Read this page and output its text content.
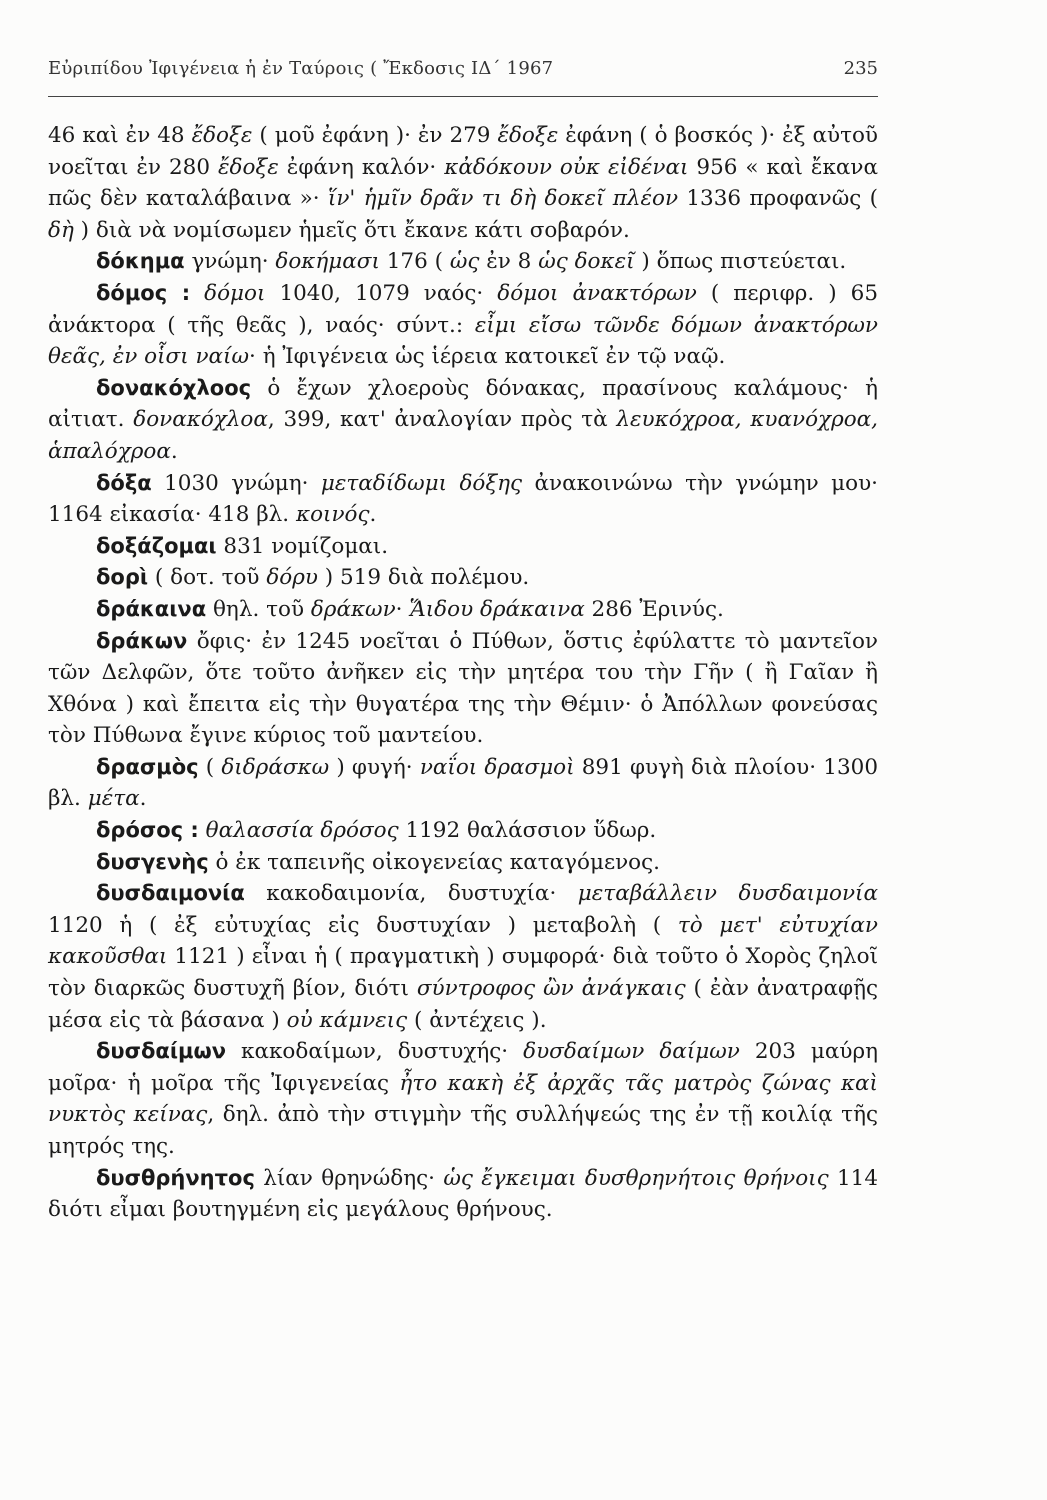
Εὐριπίδου Ἰφιγένεια ἡ ἐν Ταύροις ( Ἔκδοσις ΙΔ΄ 1967	235

46 καὶ ἐν 48 ἔδοξε ( μοῦ ἐφάνη )· ἐν 279 ἔδοξε ἐφάνη ( ὁ βοσκός )· ἐξ αὐτοῦ νοεῖται ἐν 280 ἔδοξε ἐφάνη καλόν· κἀδόκουν οὐκ εἰδέναι 956 « καὶ ἔκανα πῶς δὲν καταλάβαινα »· ἵν' ἡμῖν δρᾶν τι δὴ δοκεῖ πλέον 1336 προφανῶς ( δὴ ) διὰ νὰ νομίσωμεν ἡμεῖς ὅτι ἔκανε κάτι σοβαρόν.

δόκημα γνώμη· δοκήμασι 176 ( ὡς ἐν 8 ὡς δοκεῖ ) ὅπως πιστεύεται.

δόμος : δόμοι 1040, 1079 ναός· δόμοι ἀνακτόρων ( περιφρ. ) 65 ἀνάκτορα ( τῆς θεᾶς ), ναός· σύντ.: εἶμι εἴσω τῶνδε δόμων ἀνακτόρων θεᾶς, ἐν οἷσι ναίω· ἡ Ἰφιγένεια ὡς ἱέρεια κατοικεῖ ἐν τῷ ναῷ.

δονακόχλοος ὁ ἔχων χλοεροὺς δόνακας, πρασίνους καλάμους· ἡ αἰτιατ. δονακόχλοα, 399, κατ' ἀναλογίαν πρὸς τὰ λευκόχροα, κυανόχροα, ἁπαλόχροα.

δόξα 1030 γνώμη· μεταδίδωμι δόξης ἀνακοινώνω τὴν γνώμην μου· 1164 εἰκασία· 418 βλ. κοινός.

δοξάζομαι 831 νομίζομαι.

δορὶ ( δοτ. τοῦ δόρυ ) 519 διὰ πολέμου.

δράκαινα θηλ. τοῦ δράκων· Ἅιδου δράκαινα 286 Ἐρινύς.

δράκων ὄφις· ἐν 1245 νοεῖται ὁ Πύθων, ὅστις ἐφύλαττε τὸ μαντεῖον τῶν Δελφῶν, ὅτε τοῦτο ἀνῆκεν εἰς τὴν μητέρα του τὴν Γῆν ( ἢ Γαῖαν ἢ Χθόνα ) καὶ ἔπειτα εἰς τὴν θυγατέρα της τὴν Θέμιν· ὁ Ἀπόλλων φονεύσας τὸν Πύθωνα ἔγινε κύριος τοῦ μαντείου.

δρασμὸς ( διδράσκω ) φυγή· ναΐοι δρασμοὶ 891 φυγὴ διὰ πλοίου· 1300 βλ. μέτα.

δρόσος : θαλασσία δρόσος 1192 θαλάσσιον ὕδωρ.

δυσγενὴς ὁ ἐκ ταπεινῆς οἰκογενείας καταγόμενος.

δυσδαιμονία κακοδαιμονία, δυστυχία· μεταβάλλειν δυσδαιμονία 1120 ἡ ( ἐξ εὐτυχίας εἰς δυστυχίαν ) μεταβολὴ ( τὸ μετ' εὐτυχίαν κακοῦσθαι 1121 ) εἶναι ἡ ( πραγματικὴ ) συμφορά· διὰ τοῦτο ὁ Χορὸς ζηλοῖ τὸν διαρκῶς δυστυχῆ βίον, διότι σύντροφος ὢν ἀνάγκαις ( ἐὰν ἀνατραφῇς μέσα εἰς τὰ βάσανα ) οὐ κάμνεις ( ἀντέχεις ).

δυσδαίμων κακοδαίμων, δυστυχής· δυσδαίμων δαίμων 203 μαύρη μοῖρα· ἡ μοῖρα τῆς Ἰφιγενείας ἦτο κακὴ ἐξ ἀρχᾶς τᾶς ματρὸς ζώνας καὶ νυκτὸς κείνας, δηλ. ἀπὸ τὴν στιγμὴν τῆς συλλήψεώς της ἐν τῇ κοιλίᾳ τῆς μητρός της.

δυσθρήνητος λίαν θρηνώδης· ὡς ἔγκειμαι δυσθρηνήτοις θρήνοις 114 διότι εἶμαι βουτηγμένη εἰς μεγάλους θρήνους.
